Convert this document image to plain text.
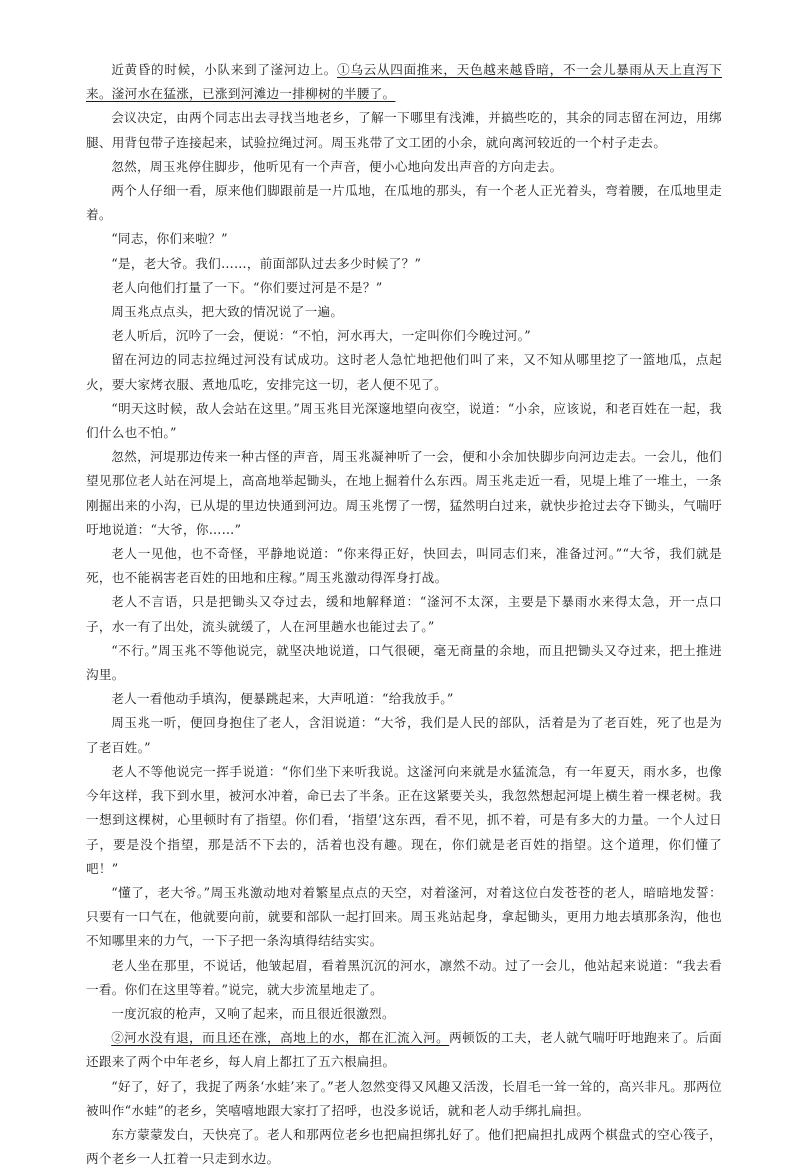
近黄昏的时候，小队来到了滏河边上。①乌云从四面推来，天色越来越昏暗，不一会儿暴雨从天上直泻下来。滏河水在猛涨，已涨到河滩边一排柳树的半腰了。

会议决定，由两个同志出去寻找当地老乡，了解一下哪里有浅滩，并搞些吃的，其余的同志留在河边，用绑腿、用背包带子连接起来，试验拉绳过河。周玉兆带了文工团的小余，就向离河较近的一个村子走去。

忽然，周玉兆停住脚步，他听见有一个声音，便小心地向发出声音的方向走去。

两个人仔细一看，原来他们脚跟前是一片瓜地，在瓜地的那头，有一个老人正光着头，弯着腰，在瓜地里走着。

“同志，你们来啦？”

“是，老大爷。我们……，前面部队过去多少时候了？”

老人向他们打量了一下。“你们要过河是不是？”

周玉兆点点头，把大致的情况说了一遍。

老人听后，沉吟了一会，便说：“不怕，河水再大，一定叫你们今晚过河。”

留在河边的同志拉绳过河没有试成功。这时老人急忙地把他们叫了来，又不知从哪里挖了一篮地瓜，点起火，要大家烤衣服、煮地瓜吃，安排完这一切，老人便不见了。

“明天这时候，敌人会站在这里。”周玉兆目光深邃地望向夜空，说道：“小余，应该说，和老百姓在一起，我们什么也不怕。”

忽然，河堤那边传来一种古怪的声音，周玉兆凝神听了一会，便和小余加快脚步向河边走去。一会儿，他们望见那位老人站在河堤上，高高地举起锄头，在地上掘着什么东西。周玉兆走近一看，见堤上堆了一堆土，一条刚掘出来的小沟，已从堤的里边快通到河边。周玉兆愣了一愣，猛然明白过来，就快步抢过去夺下锄头，气喘吁吁地说道：“大爷，你……”

老人一见他，也不奇怪，平静地说道：“你来得正好，快回去，叫同志们来，准备过河。”“大爷，我们就是死，也不能祸害老百姓的田地和庄稼。”周玉兆激动得浑身打战。

老人不言语，只是把锄头又夺过去，缓和地解释道：“滏河不太深，主要是下暴雨水来得太急，开一点口子，水一有了出处，流头就缓了，人在河里趟水也能过去了。”

“不行。”周玉兆不等他说完，就坚决地说道，口气很硬，毫无商量的余地，而且把锄头又夺过来，把土推进沟里。

老人一看他动手填沟，便暴跳起来，大声吼道：“给我放手。”

周玉兆一听，便回身抱住了老人，含泪说道：“大爷，我们是人民的部队，活着是为了老百姓，死了也是为了老百姓。”

老人不等他说完一挥手说道：“你们坐下来听我说。这滏河向来就是水猛流急，有一年夏天，雨水多，也像今年这样，我下到水里，被河水冲着，命已去了半条。正在这紧要关头，我忽然想起河堤上横生着一棵老树。我一想到这棵树，心里顿时有了指望。你们看，‘指望’这东西，看不见，抓不着，可是有多大的力量。一个人过日子，要是没个指望，那是活不下去的，活着也没有趣。现在，你们就是老百姓的指望。这个道理，你们懂了吧！”

“懂了，老大爷。”周玉兆激动地对着繁星点点的天空，对着滏河，对着这位白发苍苍的老人，暗暗地发誓：只要有一口气在，他就要向前，就要和部队一起打回来。周玉兆站起身，拿起锄头，更用力地去填那条沟，他也不知哪里来的力气，一下子把一条沟填得结结实实。

老人坐在那里，不说话，他皱起眉，看着黑沉沉的河水，凛然不动。过了一会儿，他站起来说道：“我去看一看。你们在这里等着。”说完，就大步流星地走了。

一度沉寂的枪声，又响了起来，而且很近很激烈。

②河水没有退，而且还在涨，高地上的水，都在汇流入河。两顿饭的工夫，老人就气喘吁吁地跑来了。后面还跟来了两个中年老乡，每人肩上都扛了五六根扁担。

“好了，好了，我捉了两条‘水蛙’来了。”老人忽然变得又风趣又活泼，长眉毛一耸一耸的，高兴非凡。那两位被叫作“水蛙”的老乡，笑嘻嘻地跟大家打了招呼，也没多说话，就和老人动手绑扎扁担。

东方蒙蒙发白，天快亮了。老人和那两位老乡也把扁担绑扎好了。他们把扁担扎成两个棋盘式的空心筏子，两个老乡一人扛着一只走到水边。
